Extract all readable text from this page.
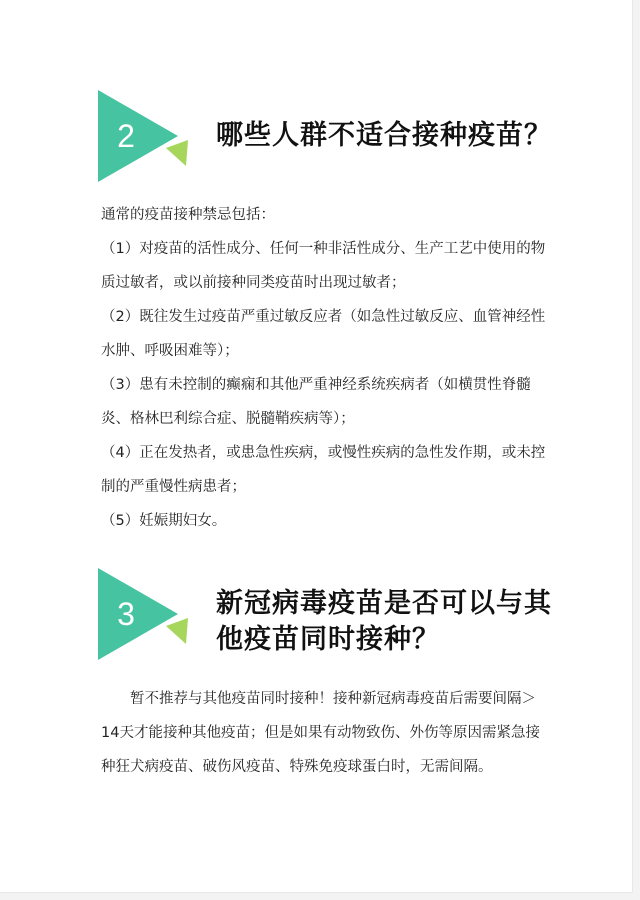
2	哪些人群不适合接种疫苗？

通常的疫苗接种禁忌包括：

（1）对疫苗的活性成分、任何一种非活性成分、生产工艺中使用的物质过敏者，或以前接种同类疫苗时出现过敏者；

（2）既往发生过疫苗严重过敏反应者（如急性过敏反应、血管神经性水肿、呼吸困难等）；

（3）患有未控制的癫痫和其他严重神经系统疾病者（如横贯性脊髓炎、格林巴利综合症、脱髓鞘疾病等）；

（4）正在发热者，或患急性疾病，或慢性疾病的急性发作期，或未控制的严重慢性病患者；

（5）妊娠期妇女。

3	新冠病毒疫苗是否可以与其
他疫苗同时接种？

暂不推荐与其他疫苗同时接种！接种新冠病毒疫苗后需要间隔＞14天才能接种其他疫苗；但是如果有动物致伤、外伤等原因需紧急接种狂犬病疫苗、破伤风疫苗、特殊免疫球蛋白时，无需间隔。
